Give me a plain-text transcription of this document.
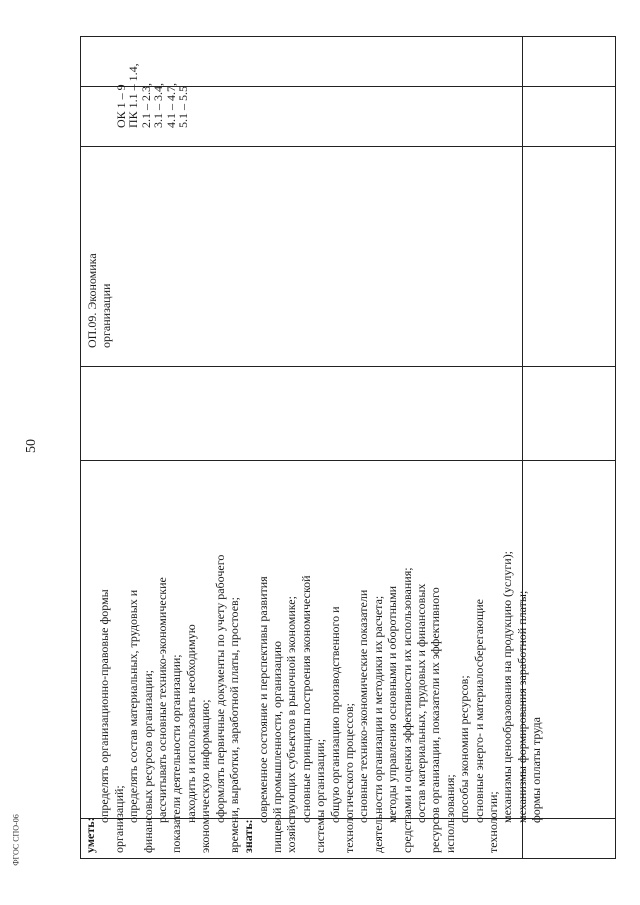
50
уметь:
определять организационно-правовые формы организаций; определять состав материальных, трудовых и финансовых ресурсов организации; рассчитывать основные технико-экономические показатели деятельности организации; находить и использовать необходимую экономическую информацию; оформлять первичные документы по учету рабочего времени, выработки, заработной платы, простоев; знать:
современное состояние и перспективы развития пищевой промышленности, организацию хозяйствующих субъектов в рыночной экономике; основные принципы построения экономической системы организации; общую организацию производственного и технологического процессов; основные технико-экономические показатели деятельности организации и методики их расчета; методы управления основными и оборотными средствами и оценки эффективности их использования; состав материальных, трудовых и финансовых ресурсов организации, показатели их эффективного использования; способы экономии ресурсов; основные энерго- и материалосберегающие технологии; механизмы ценообразования на продукцию (услуги); механизмы формирования заработной платы; формы оплаты труда
ОП.09. Экономика организации
ОК 1 – 9
ПК 1.1 – 1.4,
2.1 – 2.3,
3.1 – 3.4,
4.1 – 4.7,
5.1 – 5.5
ФГОС СПО-06
